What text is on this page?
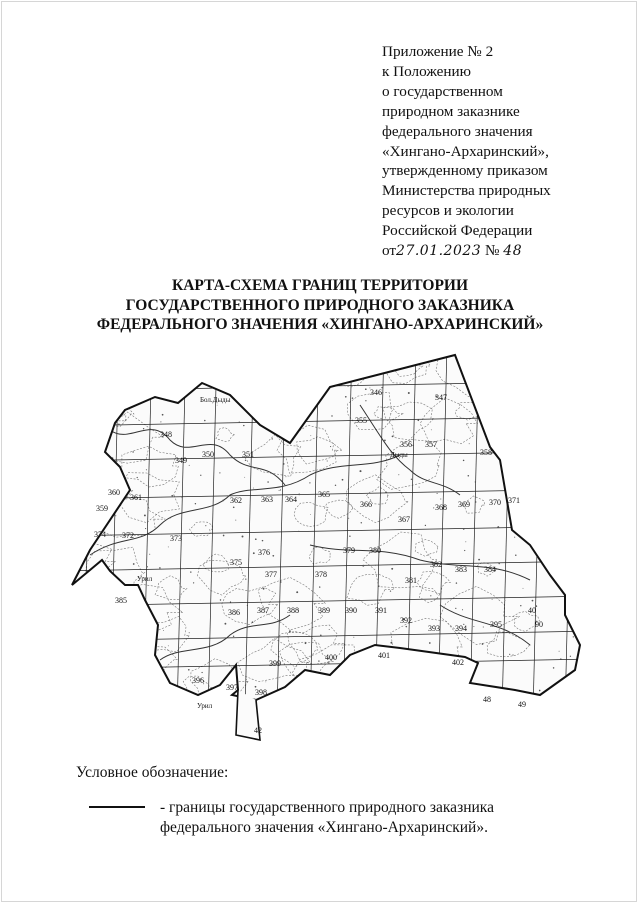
Приложение № 2
к Положению
о государственном
природном заказнике
федерального значения
«Хингано-Архаринский»,
утвержденному приказом
Министерства природных
ресурсов и экологии
Российской Федерации
от27.01.2023 № 48
КАРТА-СХЕМА ГРАНИЦ ТЕРРИТОРИИ
ГОСУДАРСТВЕННОГО ПРИРОДНОГО ЗАКАЗНИКА
ФЕДЕРАЛЬНОГО ЗНАЧЕНИЯ «ХИНГАНО-АРХАРИНСКИЙ»
346
347
348
349
350	351
355
356 357
358
359
360
361	362 363 364
365
366
367
368 369 370 371
372	373
374
375
376
377	378
379 380
381
382
383 384
385
386 387 388 389 390 391
392
393 394	395
396
397
398
399
400	401
402
40
42
48
49
90
Бол.Дыды
Дыды
Урил
Урил
Условное обозначение:
- границы государственного природного заказника
федерального значения «Хингано-Архаринский».
